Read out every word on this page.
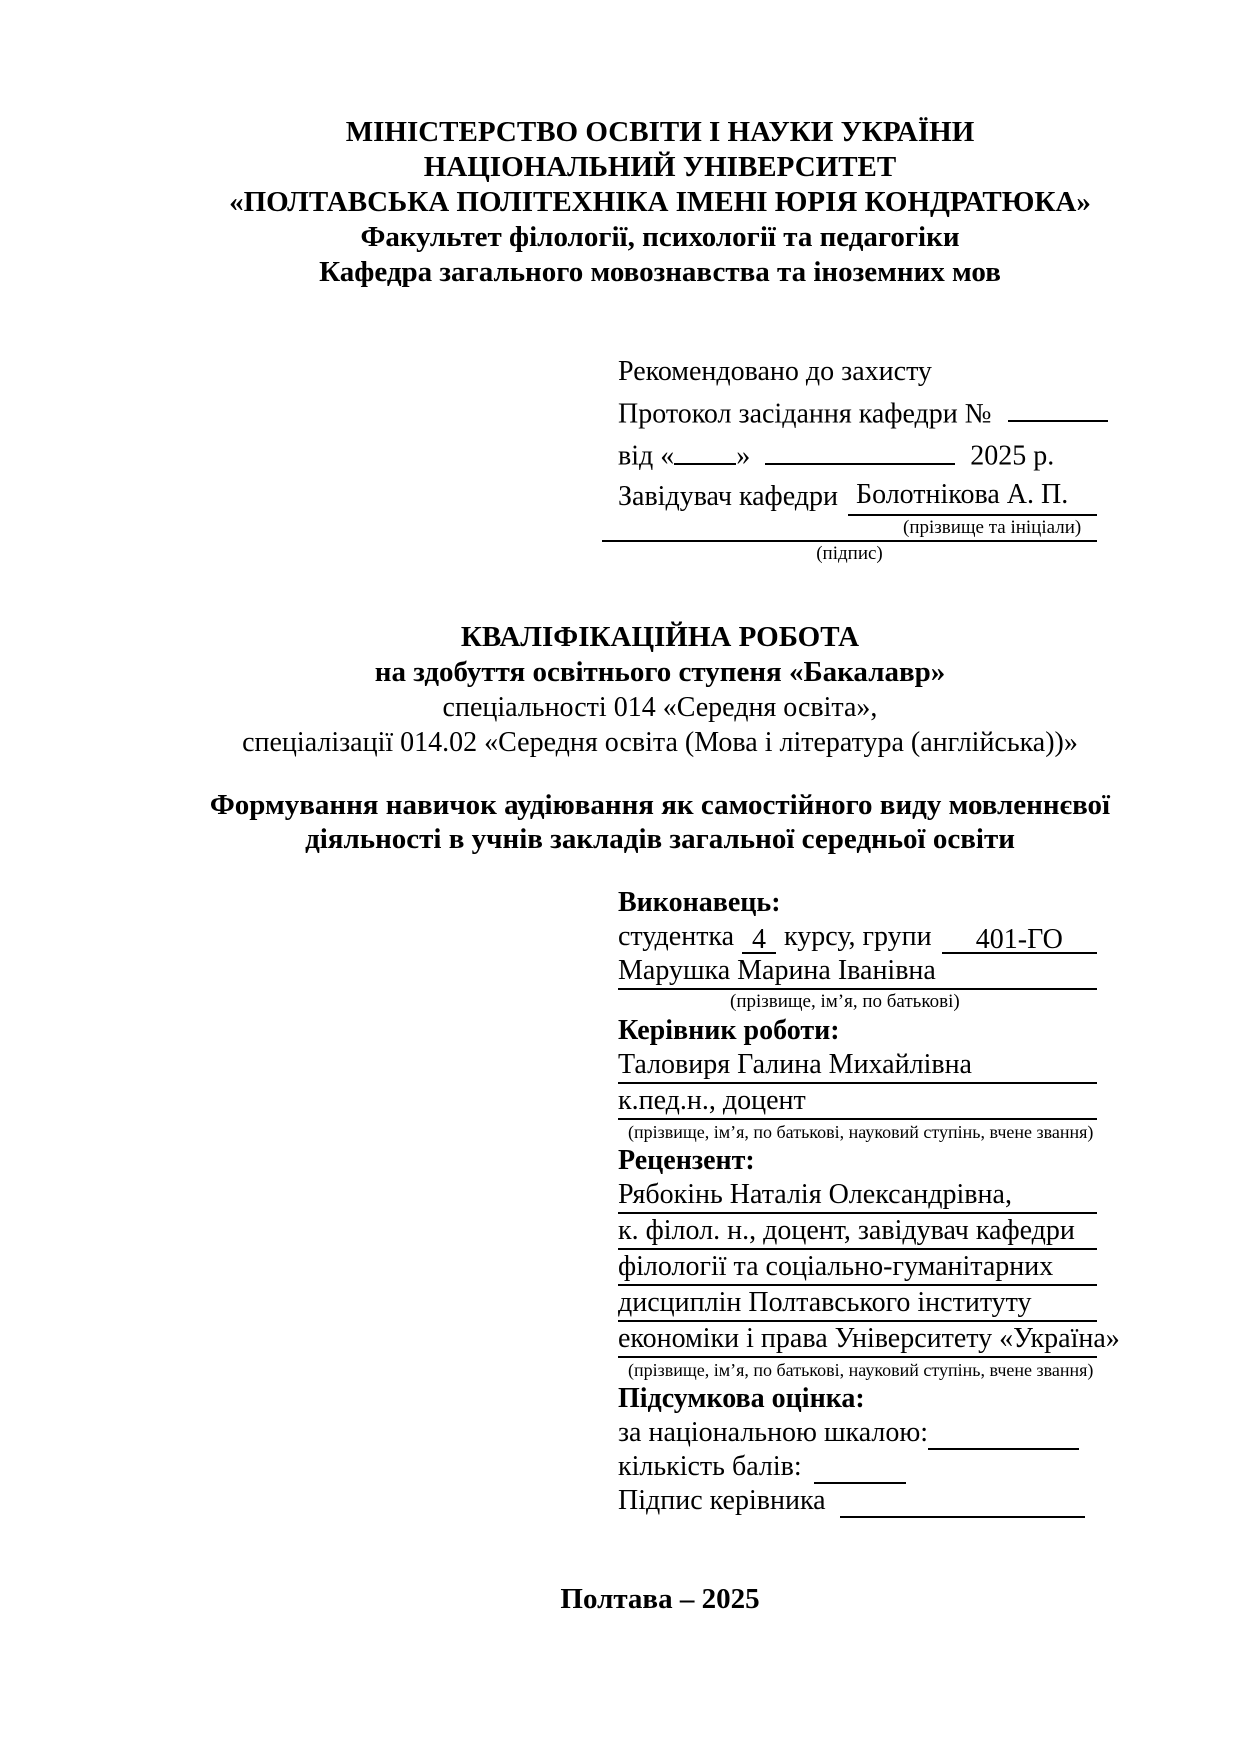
МІНІСТЕРСТВО ОСВІТИ І НАУКИ УКРАЇНИ
НАЦІОНАЛЬНИЙ УНІВЕРСИТЕТ
«ПОЛТАВСЬКА ПОЛІТЕХНІКА ІМЕНІ ЮРІЯ КОНДРАТЮКА»
Факультет філології, психології та педагогіки
Кафедра загального мовознавства та іноземних мов
Рекомендовано до захисту
Протокол засідання кафедри №
від « »	2025 р.
Завідувач кафедри Болотнікова А. П.
(прізвище та ініціали)
(підпис)
КВАЛІФІКАЦІЙНА РОБОТА
на здобуття освітнього ступеня «Бакалавр»
спеціальності 014 «Середня освіта»,
спеціалізації 014.02 «Середня освіта (Мова і література (англійська))»
Формування навичок аудіювання як самостійного виду мовленнєвої
діяльності в учнів закладів загальної середньої освіти
Виконавець:
студентка 4 курсу, групи	401-ГО
Марушка Марина Іванівна
(прізвище, ім’я, по батькові)
Керівник роботи:
Таловиря Галина Михайлівна
к.пед.н., доцент
(прізвище, ім’я, по батькові, науковий ступінь, вчене звання)
Рецензент:
Рябокінь Наталія Олександрівна,
к. філол. н., доцент, завідувач кафедри
філології та соціально-гуманітарних
дисциплін Полтавського інституту
економіки і права Університету «Україна»
(прізвище, ім’я, по батькові, науковий ступінь, вчене звання)
Підсумкова оцінка:
за національною шкалою:
кількість балів:
Підпис керівника
Полтава – 2025
